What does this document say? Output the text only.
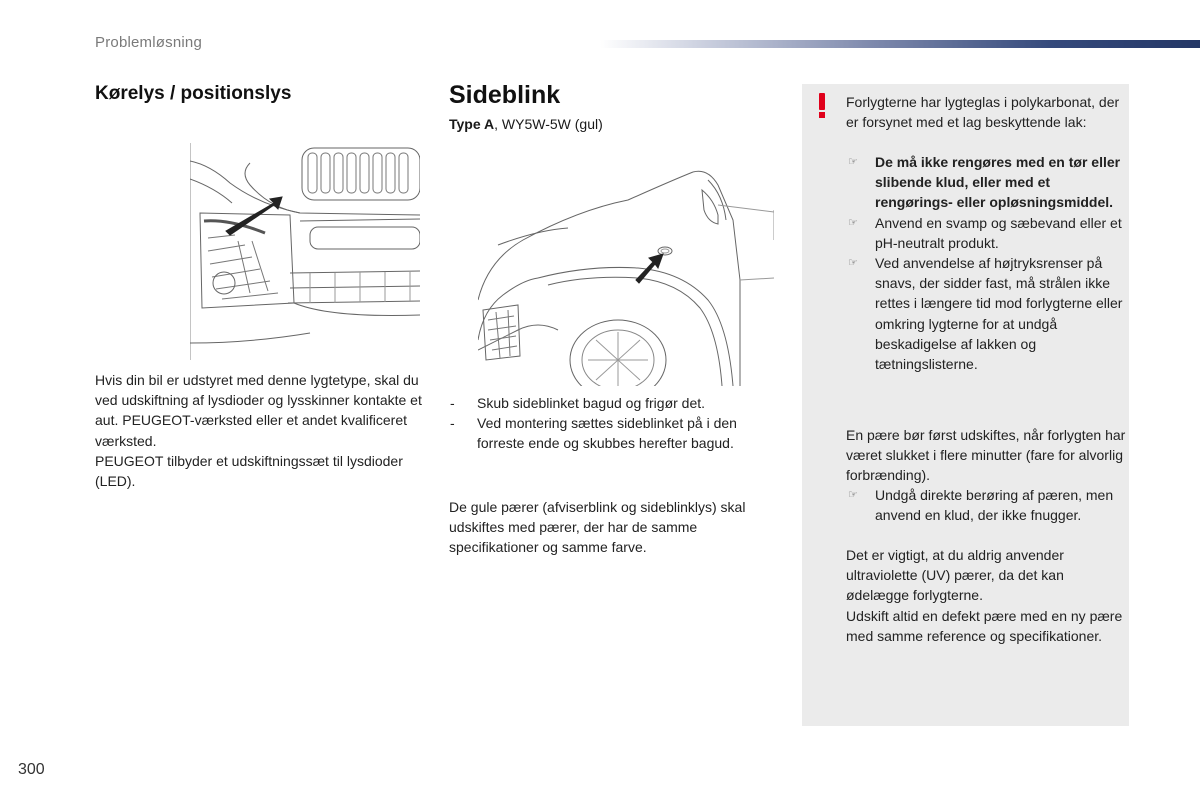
Problemløsning
Kørelys / positionslys
Hvis din bil er udstyret med denne lygtetype, skal du ved udskiftning af lysdioder og lysskinner kontakte et aut. PEUGEOT-værksted eller et andet kvalificeret værksted.
PEUGEOT tilbyder et udskiftningssæt til lysdioder (LED).
Sideblink
Type A, WY5W-5W (gul)
- Skub sideblinket bagud og frigør det.
- Ved montering sættes sideblinket på i den forreste ende og skubbes herefter bagud.
De gule pærer (afviserblink og sideblinklys) skal udskiftes med pærer, der har de samme specifikationer og samme farve.
Forlygterne har lygteglas i polykarbonat, der er forsynet med et lag beskyttende lak:
☞ De må ikke rengøres med en tør eller slibende klud, eller med et rengørings- eller opløsningsmiddel.
☞ Anvend en svamp og sæbevand eller et pH-neutralt produkt.
☞ Ved anvendelse af højtryksrenser på snavs, der sidder fast, må strålen ikke rettes i længere tid mod forlygterne eller omkring lygterne for at undgå beskadigelse af lakken og tætningslisterne.
En pære bør først udskiftes, når forlygten har været slukket i flere minutter (fare for alvorlig forbrænding).
☞ Undgå direkte berøring af pæren, men anvend en klud, der ikke fnugger.
Det er vigtigt, at du aldrig anvender ultraviolette (UV) pærer, da det kan ødelægge forlygterne.
Udskift altid en defekt pære med en ny pære med samme reference og specifikationer.
300
